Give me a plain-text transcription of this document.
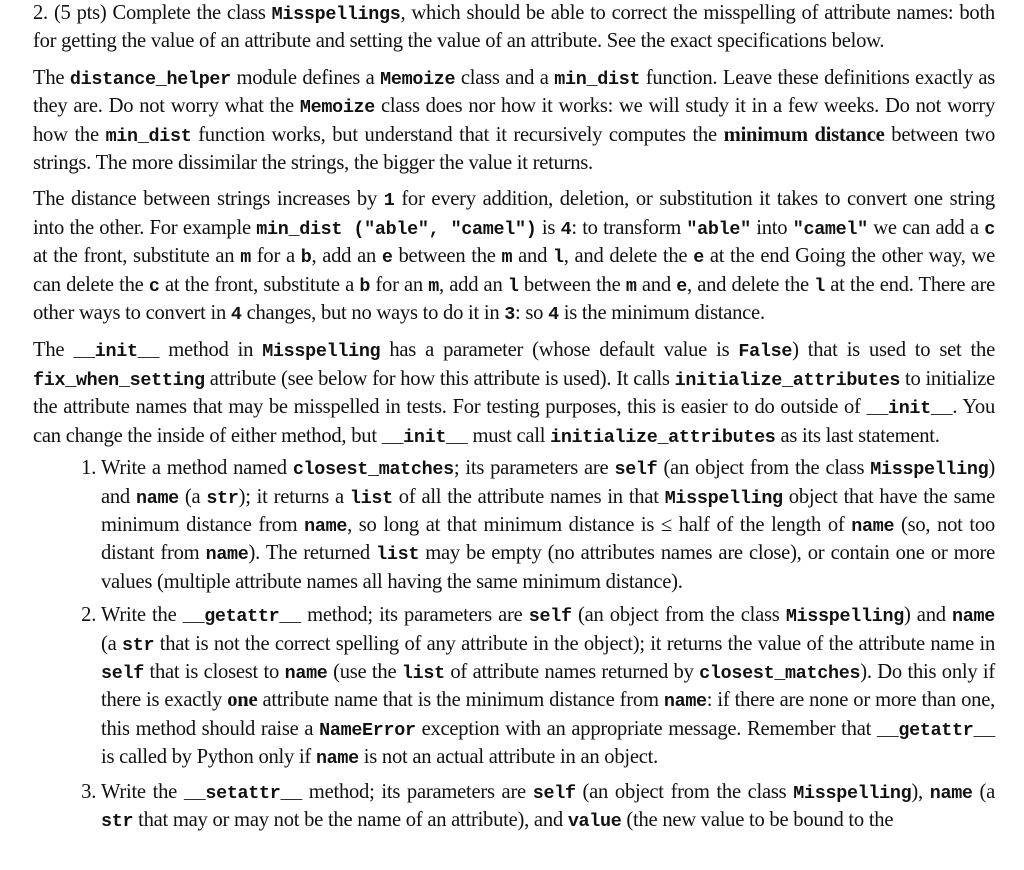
2. (5 pts) Complete the class Misspellings, which should be able to correct the misspelling of attribute names: both for getting the value of an attribute and setting the value of an attribute. See the exact specifications below.

The distance_helper module defines a Memoize class and a min_dist function. Leave these definitions exactly as they are. Do not worry what the Memoize class does nor how it works: we will study it in a few weeks. Do not worry how the min_dist function works, but understand that it recursively computes the minimum distance between two strings. The more dissimilar the strings, the bigger the value it returns.

The distance between strings increases by 1 for every addition, deletion, or substitution it takes to convert one string into the other. For example min_dist ("able", "camel") is 4: to transform "able" into "camel" we can add a c at the front, substitute an m for a b, add an e between the m and l, and delete the e at the end Going the other way, we can delete the c at the front, substitute a b for an m, add an l between the m and e, and delete the l at the end. There are other ways to convert in 4 changes, but no ways to do it in 3: so 4 is the minimum distance.

The __init__ method in Misspelling has a parameter (whose default value is False) that is used to set the fix_when_setting attribute (see below for how this attribute is used). It calls initialize_attributes to initialize the attribute names that may be misspelled in tests. For testing purposes, this is easier to do outside of __init__. You can change the inside of either method, but __init__ must call initialize_attributes as its last statement.

1. Write a method named closest_matches; its parameters are self (an object from the class Misspelling) and name (a str); it returns a list of all the attribute names in that Misspelling object that have the same minimum distance from name, so long at that minimum distance is ≤ half of the length of name (so, not too distant from name). The returned list may be empty (no attributes names are close), or contain one or more values (multiple attribute names all having the same minimum distance).
2. Write the __getattr__ method; its parameters are self (an object from the class Misspelling) and name (a str that is not the correct spelling of any attribute in the object); it returns the value of the attribute name in self that is closest to name (use the list of attribute names returned by closest_matches). Do this only if there is exactly one attribute name that is the minimum distance from name: if there are none or more than one, this method should raise a NameError exception with an appropriate message. Remember that __getattr__ is called by Python only if name is not an actual attribute in an object.
3. Write the __setattr__ method; its parameters are self (an object from the class Misspelling), name (a str that may or may not be the name of an attribute), and value (the new value to be bound to the
